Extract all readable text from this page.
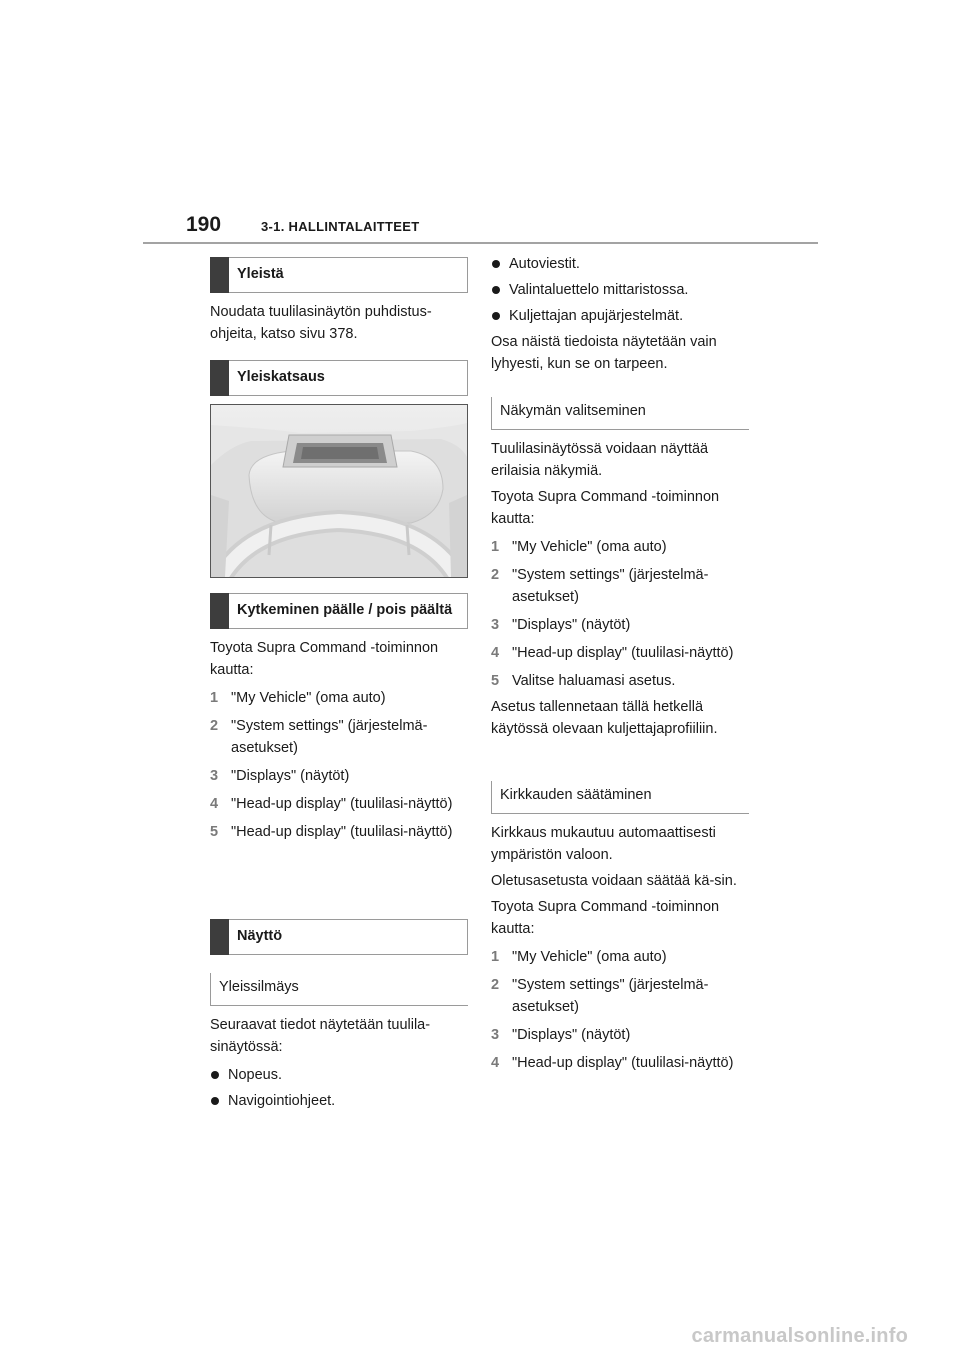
190	3-1. HALLINTALAITTEET
Yleistä

Noudata tuulilasinäytön puhdistus-ohjeita, katso sivu 378.

Yleiskatsaus
Kytkeminen päälle / pois päältä

Toyota Supra Command -toiminnon kautta:

1 "My Vehicle" (oma auto)
2 "System settings" (järjestelmä-asetukset)
3 "Displays" (näytöt)
4 "Head-up display" (tuulilasi-näyttö)
5 "Head-up display" (tuulilasi-näyttö)
Näyttö
Yleissilmäys

Seuraavat tiedot näytetään tuulila-sinäytössä:

Nopeus.
Navigointiohjeet.
Autoviestit.
Valintaluettelo mittaristossa.
Kuljettajan apujärjestelmät.

Osa näistä tiedoista näytetään vain lyhyesti, kun se on tarpeen.

Näkymän valitseminen

Tuulilasinäytössä voidaan näyttää erilaisia näkymiä.

Toyota Supra Command -toiminnon kautta:

1 "My Vehicle" (oma auto)
2 "System settings" (järjestelmä-asetukset)
3 "Displays" (näytöt)
4 "Head-up display" (tuulilasi-näyttö)
5 Valitse haluamasi asetus.

Asetus tallennetaan tällä hetkellä käytössä olevaan kuljettajaprofiiliin.

Kirkkauden säätäminen

Kirkkaus mukautuu automaattisesti ympäristön valoon.

Oletusasetusta voidaan säätää kä-sin.

Toyota Supra Command -toiminnon kautta:

1 "My Vehicle" (oma auto)
2 "System settings" (järjestelmä-asetukset)
3 "Displays" (näytöt)
4 "Head-up display" (tuulilasi-näyttö)
carmanualsonline.info
